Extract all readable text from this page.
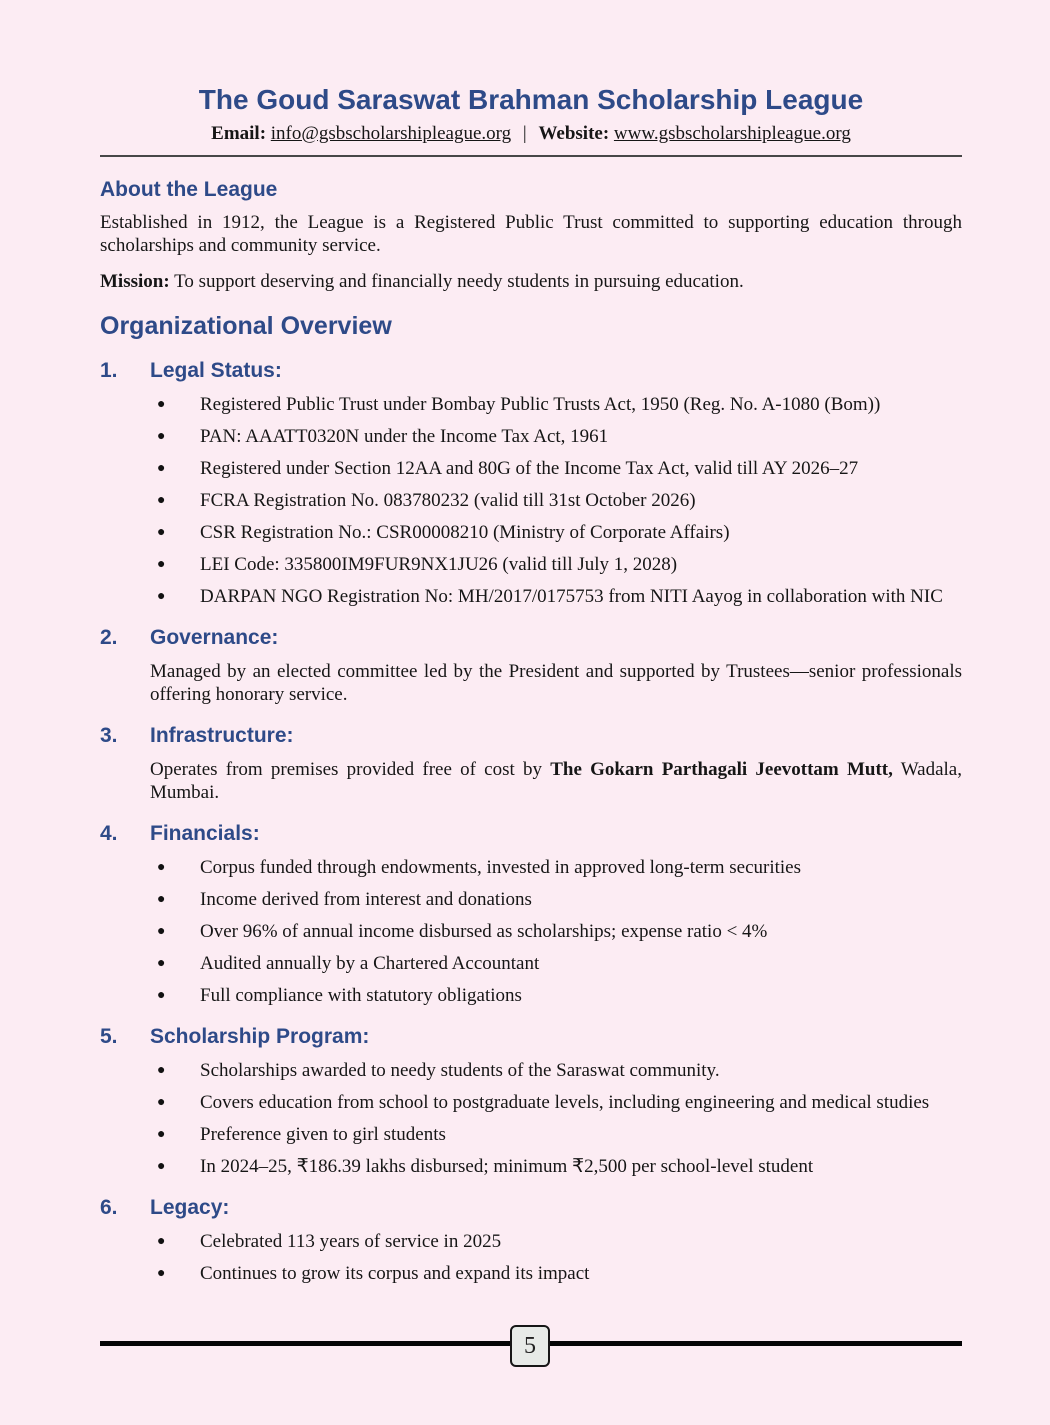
The Goud Saraswat Brahman Scholarship League
Email: info@gsbscholarshipleague.org | Website: www.gsbscholarshipleague.org
About the League

Established in 1912, the League is a Registered Public Trust committed to supporting education through scholarships and community service.

Mission: To support deserving and financially needy students in pursuing education.

Organizational Overview
1.	Legal Status:
●	Registered Public Trust under Bombay Public Trusts Act, 1950 (Reg. No. A-1080 (Bom))
●	PAN: AAATT0320N under the Income Tax Act, 1961
●	Registered under Section 12AA and 80G of the Income Tax Act, valid till AY 2026–27
●	FCRA Registration No. 083780232 (valid till 31st October 2026)
●	CSR Registration No.: CSR00008210 (Ministry of Corporate Affairs)
●	LEI Code: 335800IM9FUR9NX1JU26 (valid till July 1, 2028)
●	DARPAN NGO Registration No: MH/2017/0175753 from NITI Aayog in collaboration with NIC
2.	Governance:

Managed by an elected committee led by the President and supported by Trustees—senior professionals offering honorary service.

3.	Infrastructure:

Operates from premises provided free of cost by The Gokarn Parthagali Jeevottam Mutt, Wadala, Mumbai.

4.	Financials:
●	Corpus funded through endowments, invested in approved long-term securities
●	Income derived from interest and donations
●	Over 96% of annual income disbursed as scholarships; expense ratio < 4%
●	Audited annually by a Chartered Accountant
●	Full compliance with statutory obligations
5.	Scholarship Program:
●	Scholarships awarded to needy students of the Saraswat community.
●	Covers education from school to postgraduate levels, including engineering and medical studies
●	Preference given to girl students
●	In 2024–25, ₹186.39 lakhs disbursed; minimum ₹2,500 per school-level student
6.	Legacy:
●	Celebrated 113 years of service in 2025
●	Continues to grow its corpus and expand its impact
5
